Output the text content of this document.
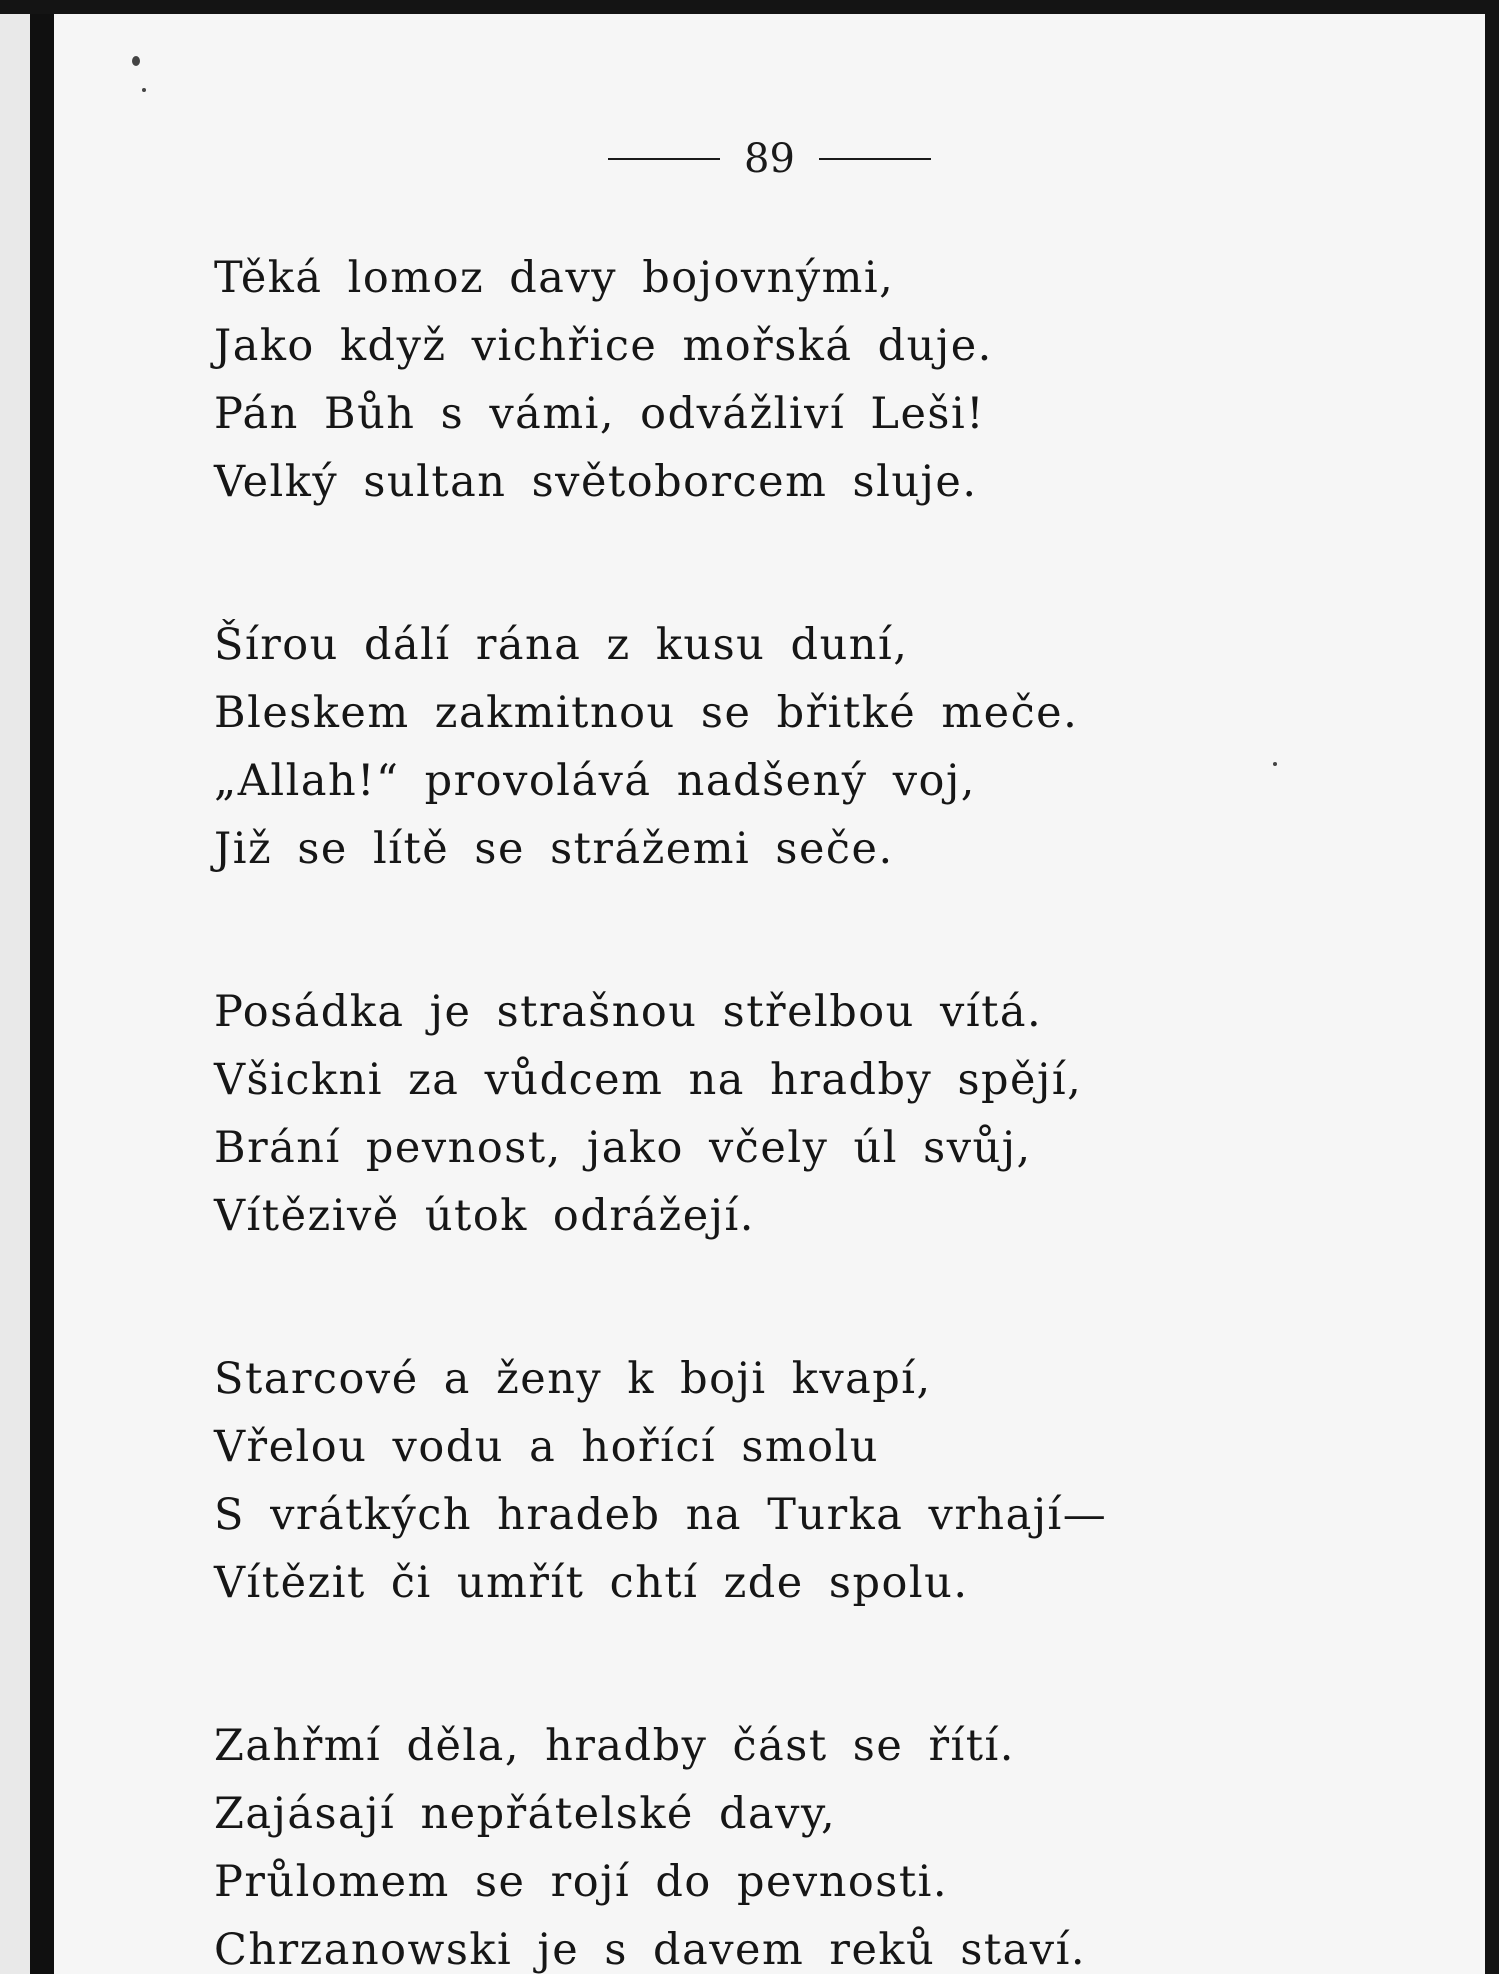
89
Těká lomoz davy bojovnými,
Jako když vichřice mořská duje.
Pán Bůh s vámi, odvážliví Leši!
Velký sultan světoborcem sluje.
Šírou dálí rána z kusu duní,
Bleskem zakmitnou se břitké meče.
„Allah!“ provolává nadšený voj,
Již se lítě se strážemi seče.
Posádka je strašnou střelbou vítá.
Všickni za vůdcem na hradby spějí,
Brání pevnost, jako včely úl svůj,
Vítězivě útok odrážejí.
Starcové a ženy k boji kvapí,
Vřelou vodu a hořící smolu
S vrátkých hradeb na Turka vrhají—
Vítězit či umřít chtí zde spolu.
Zahřmí děla, hradby část se řítí.
Zajásají nepřátelské davy,
Průlomem se rojí do pevnosti.
Chrzanowski je s davem reků staví.
